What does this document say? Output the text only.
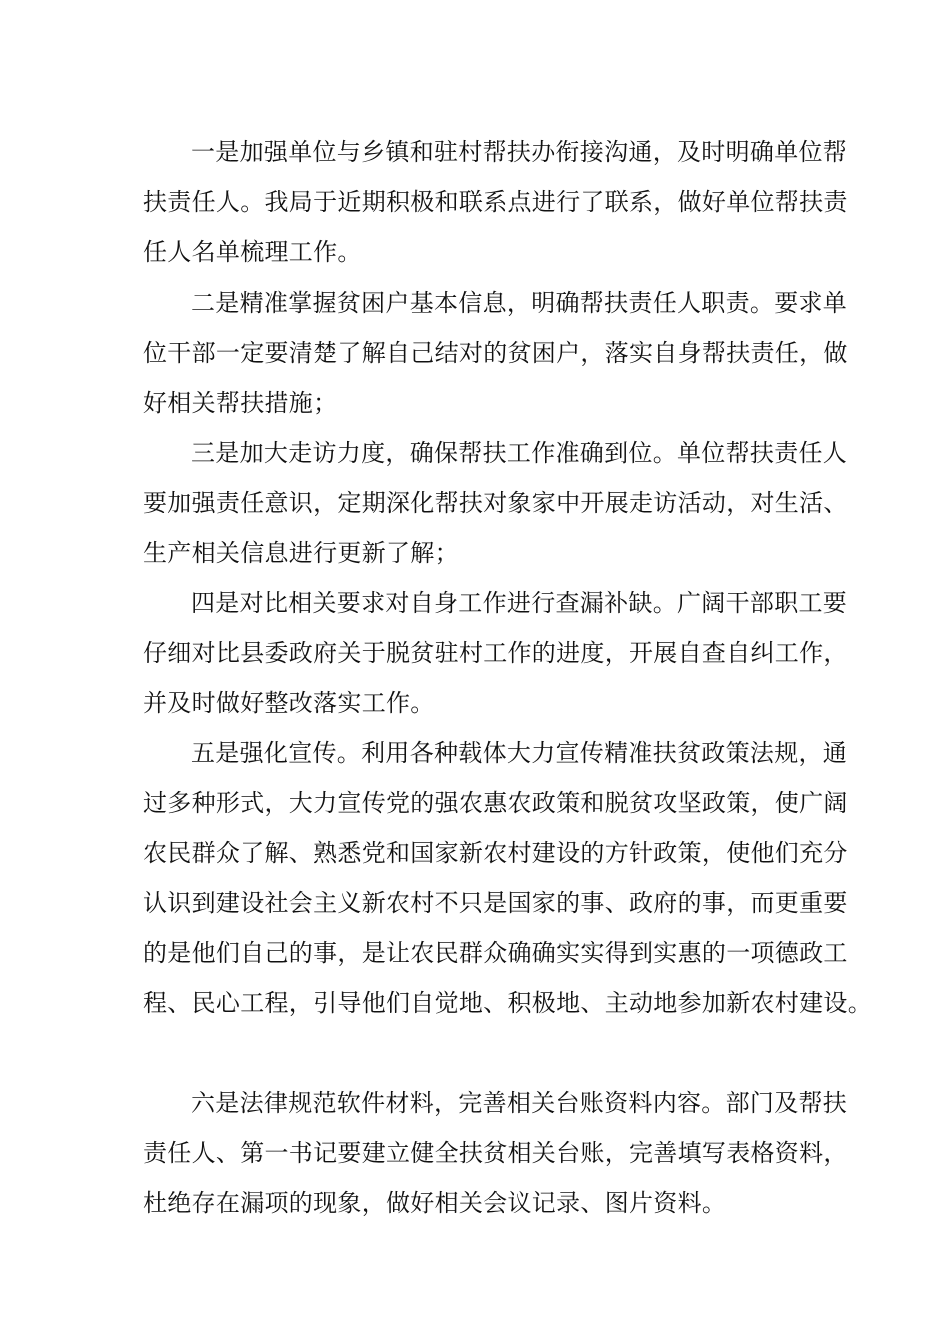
一是加强单位与乡镇和驻村帮扶办衔接沟通，及时明确单位帮
扶责任人。我局于近期积极和联系点进行了联系，做好单位帮扶责
任人名单梳理工作。
二是精准掌握贫困户基本信息，明确帮扶责任人职责。要求单
位干部一定要清楚了解自己结对的贫困户，落实自身帮扶责任，做
好相关帮扶措施；
三是加大走访力度，确保帮扶工作准确到位。单位帮扶责任人
要加强责任意识，定期深化帮扶对象家中开展走访活动，对生活、
生产相关信息进行更新了解；
四是对比相关要求对自身工作进行查漏补缺。广阔干部职工要
仔细对比县委政府关于脱贫驻村工作的进度，开展自查自纠工作，
并及时做好整改落实工作。
五是强化宣传。利用各种载体大力宣传精准扶贫政策法规，通
过多种形式，大力宣传党的强农惠农政策和脱贫攻坚政策，使广阔
农民群众了解、熟悉党和国家新农村建设的方针政策，使他们充分
认识到建设社会主义新农村不只是国家的事、政府的事，而更重要
的是他们自己的事，是让农民群众确确实实得到实惠的一项德政工
程、民心工程，引导他们自觉地、积极地、主动地参加新农村建设。
六是法律规范软件材料，完善相关台账资料内容。部门及帮扶
责任人、第一书记要建立健全扶贫相关台账，完善填写表格资料，
杜绝存在漏项的现象，做好相关会议记录、图片资料。
